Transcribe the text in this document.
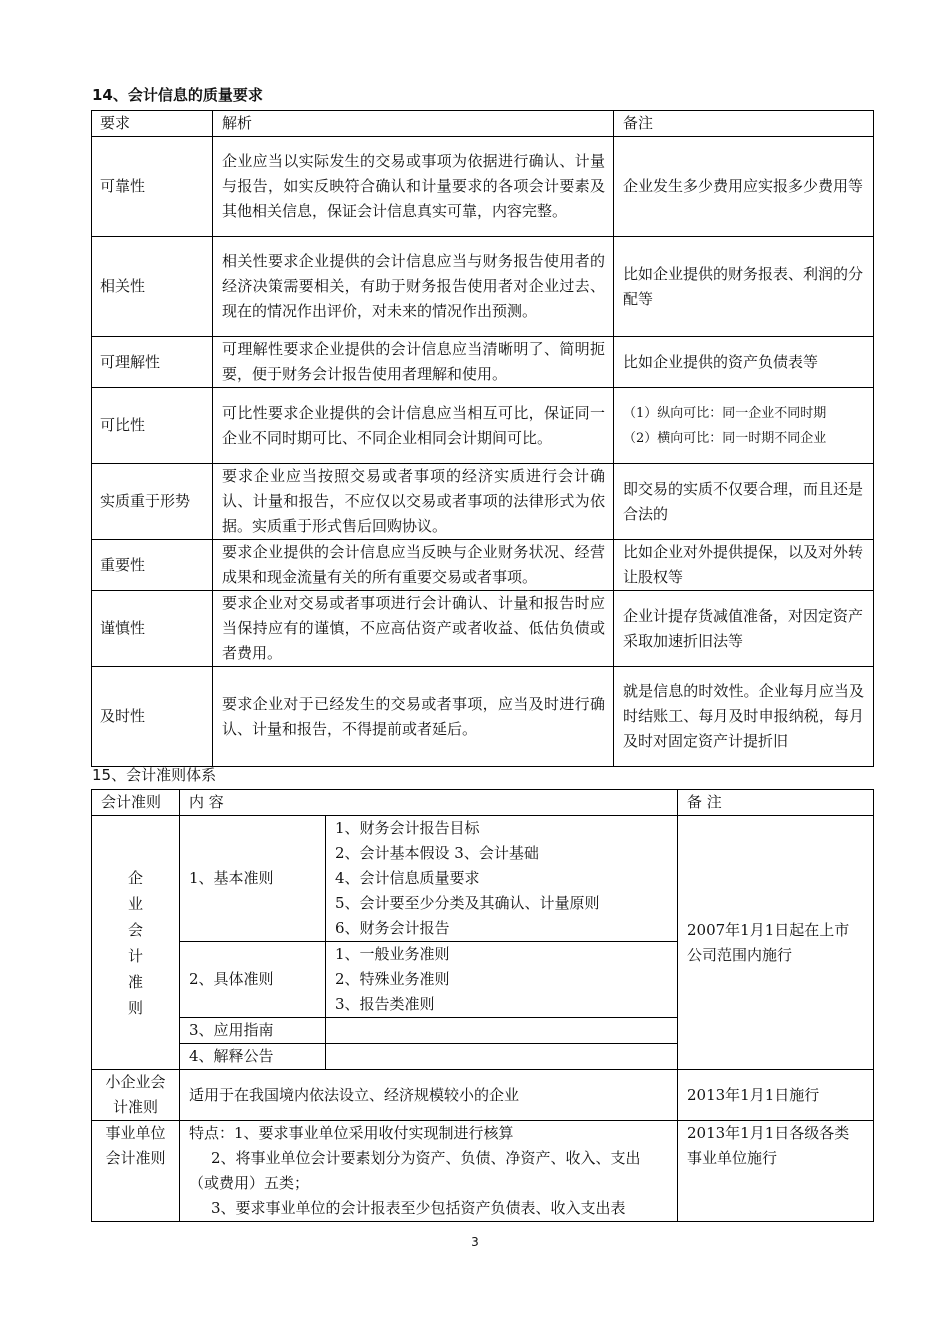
14、会计信息的质量要求
要求	解析	备注
可靠性	企业应当以实际发生的交易或事项为依据进行确认、计量与报告，如实反映符合确认和计量要求的各项会计要素及其他相关信息，保证会计信息真实可靠，内容完整。	企业发生多少费用应实报多少费用等
相关性	相关性要求企业提供的会计信息应当与财务报告使用者的经济决策需要相关，有助于财务报告使用者对企业过去、现在的情况作出评价，对未来的情况作出预测。	比如企业提供的财务报表、利润的分配等
可理解性	可理解性要求企业提供的会计信息应当清晰明了、简明扼要，便于财务会计报告使用者理解和使用。	比如企业提供的资产负债表等
可比性	可比性要求企业提供的会计信息应当相互可比，保证同一企业不同时期可比、不同企业相同会计期间可比。	（1）纵向可比：同一企业不同时期
（2）横向可比：同一时期不同企业

实质重于形势	要求企业应当按照交易或者事项的经济实质进行会计确认、计量和报告，不应仅以交易或者事项的法律形式为依据。实质重于形式售后回购协议。	即交易的实质不仅要合理，而且还是合法的
重要性	要求企业提供的会计信息应当反映与企业财务状况、经营成果和现金流量有关的所有重要交易或者事项。	比如企业对外提供提保，以及对外转让股权等
谨慎性	要求企业对交易或者事项进行会计确认、计量和报告时应当保持应有的谨慎，不应高估资产或者收益、低估负债或者费用。	企业计提存货减值准备，对因定资产采取加速折旧法等
及时性	要求企业对于已经发生的交易或者事项，应当及时进行确认、计量和报告，不得提前或者延后。	就是信息的时效性。企业每月应当及时结账工、每月及时申报纳税，每月及时对固定资产计提折旧
15、会计准则体系
会计准则	内 容		备 注
企业会计准则	1、基本准则	1、财务会计报告目标
2、会计基本假设 3、会计基础
4、会计信息质量要求
5、会计要至少分类及其确认、计量原则
6、财务会计报告	2007年1月1日起在上市公司范围内施行
	2、具体准则	1、一般业务准则
2、特殊业务准则
3、报告类准则	

	3、应用指南		
	4、解释公告		
小企业会计准则	适用于在我国境内依法设立、经济规模较小的企业		2013年1月1日施行
事业单位会计准则	特点：1、要求事业单位采用收付实现制进行核算
2、将事业单位会计要素划分为资产、负债、净资产、收入、支出（或费用）五类；
3、要求事业单位的会计报表至少包括资产负债表、收入支出表		2013年1月1日各级各类事业单位施行
3
